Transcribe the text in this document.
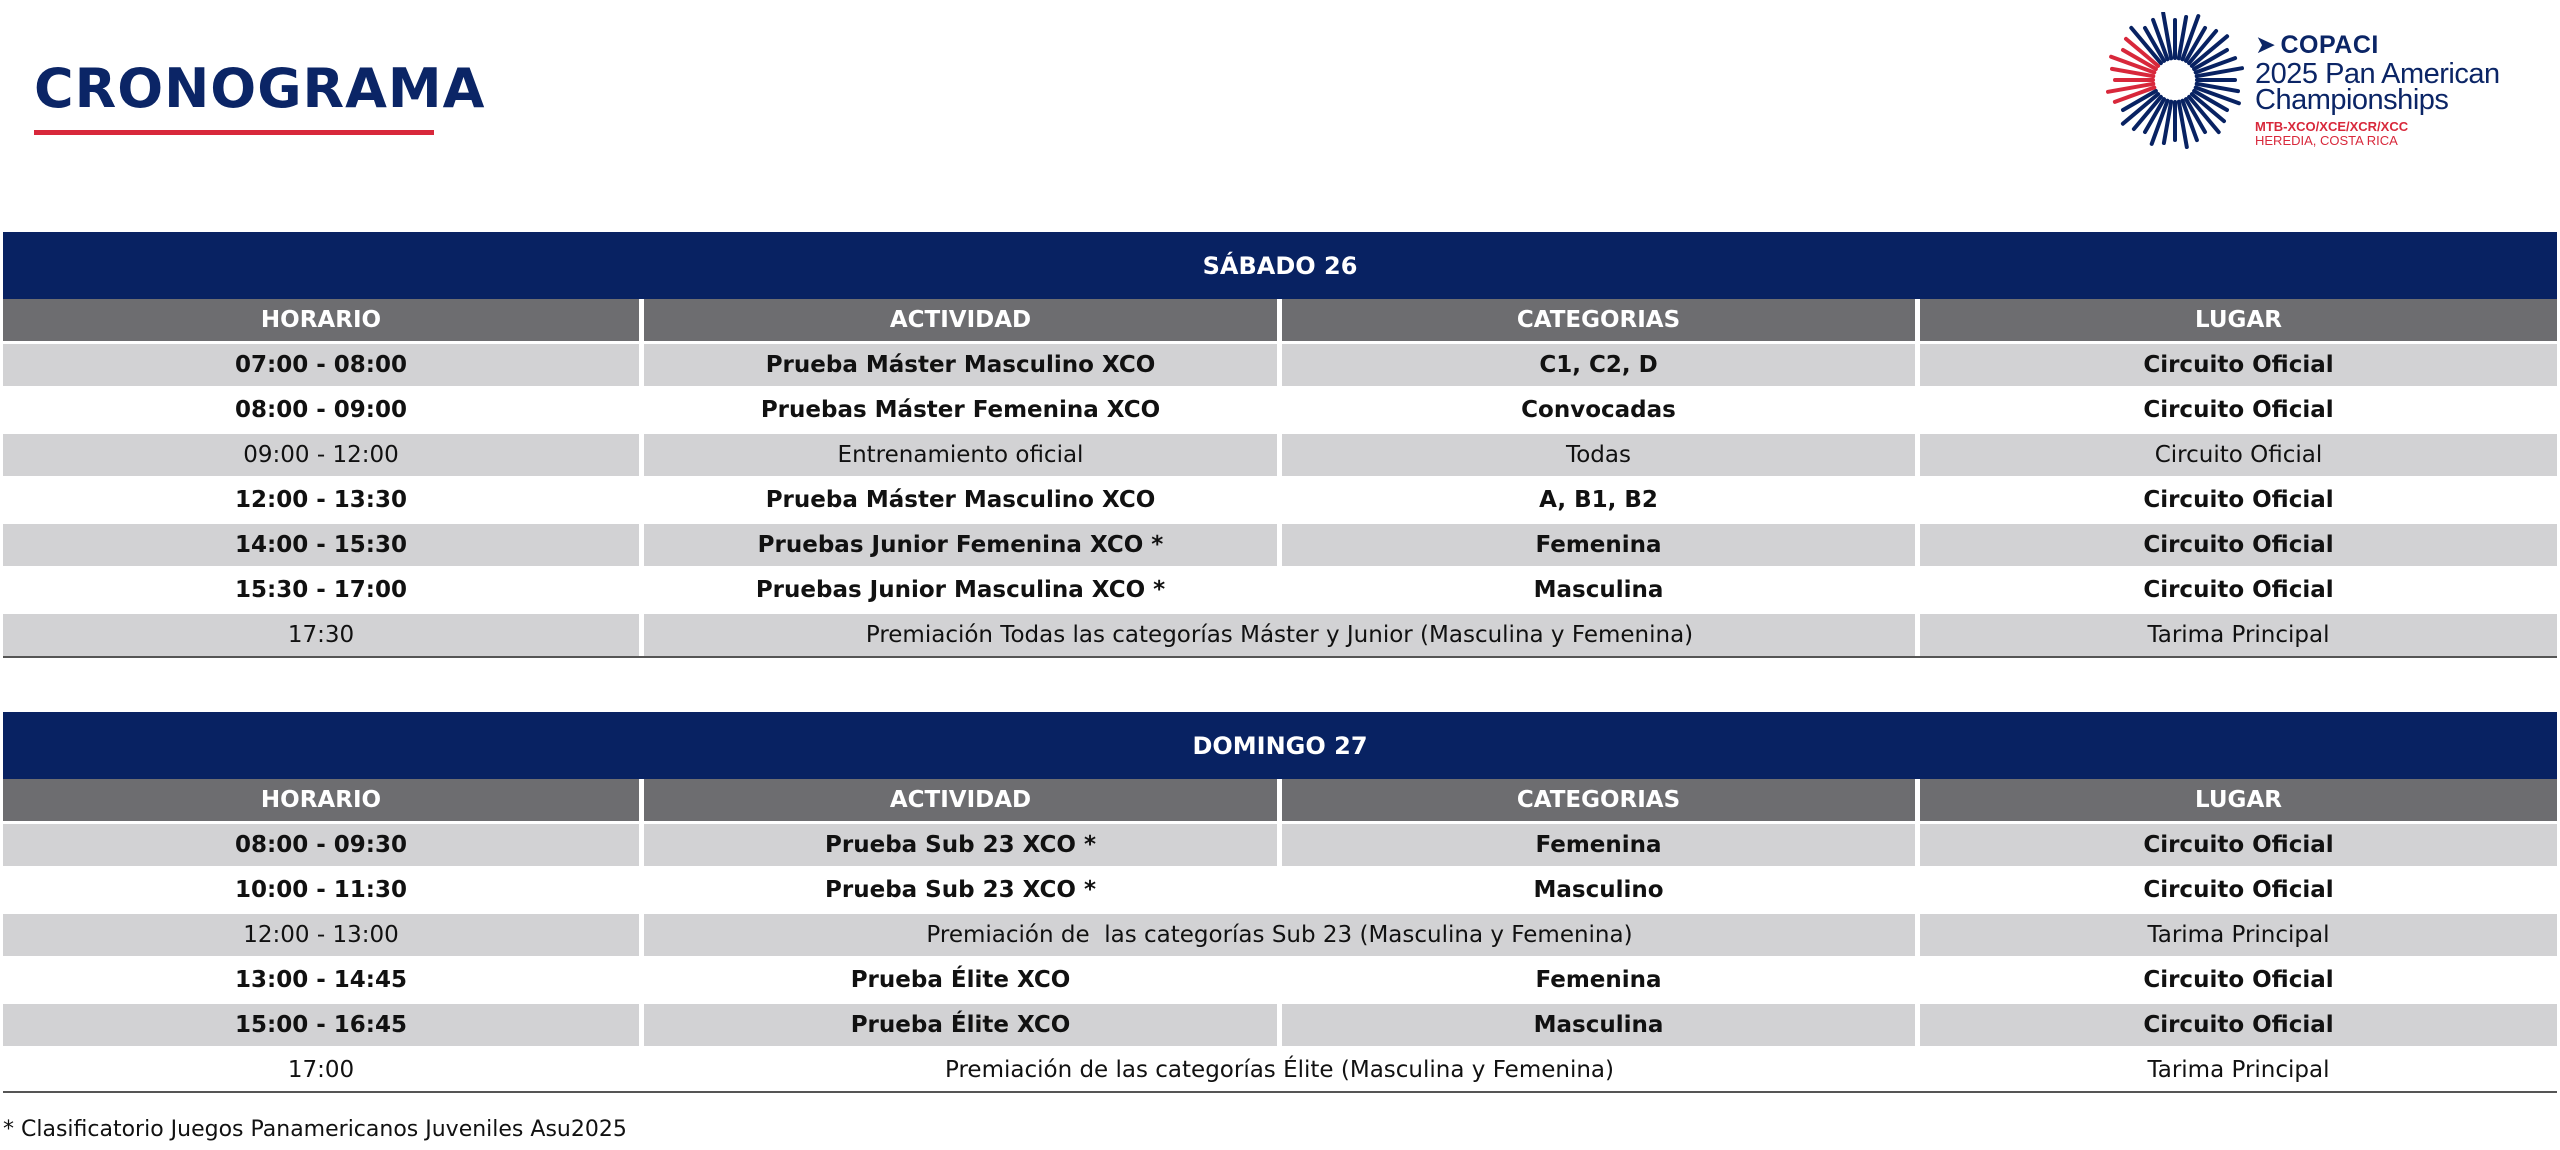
CRONOGRAMA
➤ COPACI
2025 Pan American
Championships
MTB-XCO/XCE/XCR/XCC
HEREDIA, COSTA RICA
SÁBADO 26
HORARIO	ACTIVIDAD	CATEGORIAS	LUGAR
07:00 - 08:00	Prueba Máster Masculino XCO	C1, C2, D	Circuito Oficial
08:00 - 09:00	Pruebas Máster Femenina XCO	Convocadas	Circuito Oficial
09:00 - 12:00	Entrenamiento oficial	Todas	Circuito Oficial
12:00 - 13:30	Prueba Máster Masculino XCO	A, B1, B2	Circuito Oficial
14:00 - 15:30	Pruebas Junior Femenina XCO *	Femenina	Circuito Oficial
15:30 - 17:00	Pruebas Junior Masculina XCO *	Masculina	Circuito Oficial
17:30	Premiación Todas las categorías Máster y Junior (Masculina y Femenina)	Tarima Principal
DOMINGO 27
HORARIO	ACTIVIDAD	CATEGORIAS	LUGAR
08:00 - 09:30	Prueba Sub 23 XCO *	Femenina	Circuito Oficial
10:00 - 11:30	Prueba Sub 23 XCO *	Masculino	Circuito Oficial
12:00 - 13:00	Premiación de  las categorías Sub 23 (Masculina y Femenina)	Tarima Principal
13:00 - 14:45	Prueba Élite XCO	Femenina	Circuito Oficial
15:00 - 16:45	Prueba Élite XCO	Masculina	Circuito Oficial
17:00	Premiación de las categorías Élite (Masculina y Femenina)	Tarima Principal
* Clasificatorio Juegos Panamericanos Juveniles Asu2025
